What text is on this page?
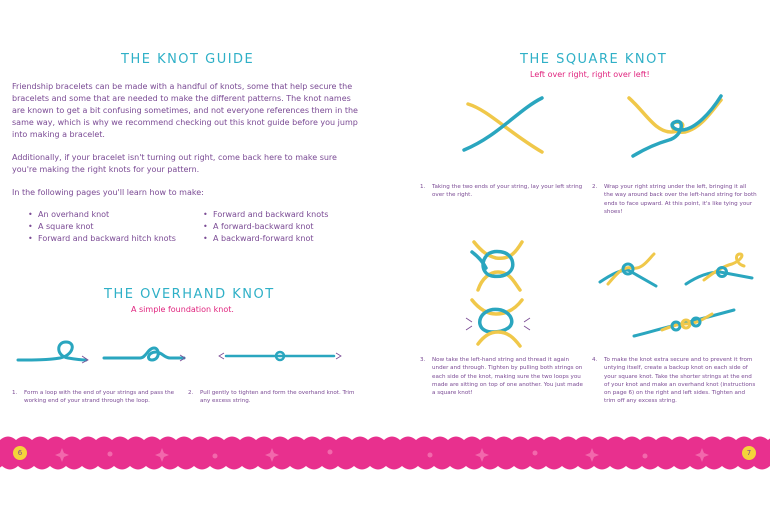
THE KNOT GUIDE
Friendship bracelets can be made with a handful of knots, some that help secure the bracelets and some that are needed to make the different patterns. The knot names are known to get a bit confusing sometimes, and not everyone references them in the same way, which is why we recommend checking out this knot guide before you jump into making a bracelet.
Additionally, if your bracelet isn't turning out right, come back here to make sure you're making the right knots for your pattern.
In the following pages you'll learn how to make:
• An overhand knot
• A square knot
• Forward and backward hitch knots
• Forward and backward knots
• A forward-backward knot
• A backward-forward knot
THE OVERHAND KNOT
A simple foundation knot.
1. Form a loop with the end of your strings and pass the working end of your strand through the loop.
2. Pull gently to tighten and form the overhand knot. Trim any excess string.
THE SQUARE KNOT
Left over right, right over left!
1. Taking the two ends of your string, lay your left string over the right.
2. Wrap your right string under the left, bringing it all the way around back over the left-hand string for both ends to face upward. At this point, it's like tying your shoes!
3. Now take the left-hand string and thread it again under and through. Tighten by pulling both strings on each side of the knot, making sure the two loops you made are sitting on top of one another. You just made a square knot!
4. To make the knot extra secure and to prevent it from untying itself, create a backup knot on each side of your square knot. Take the shorter strings at the end of your knot and make an overhand knot (instructions on page 6) on the right and left sides. Tighten and trim off any excess string.
6	7
